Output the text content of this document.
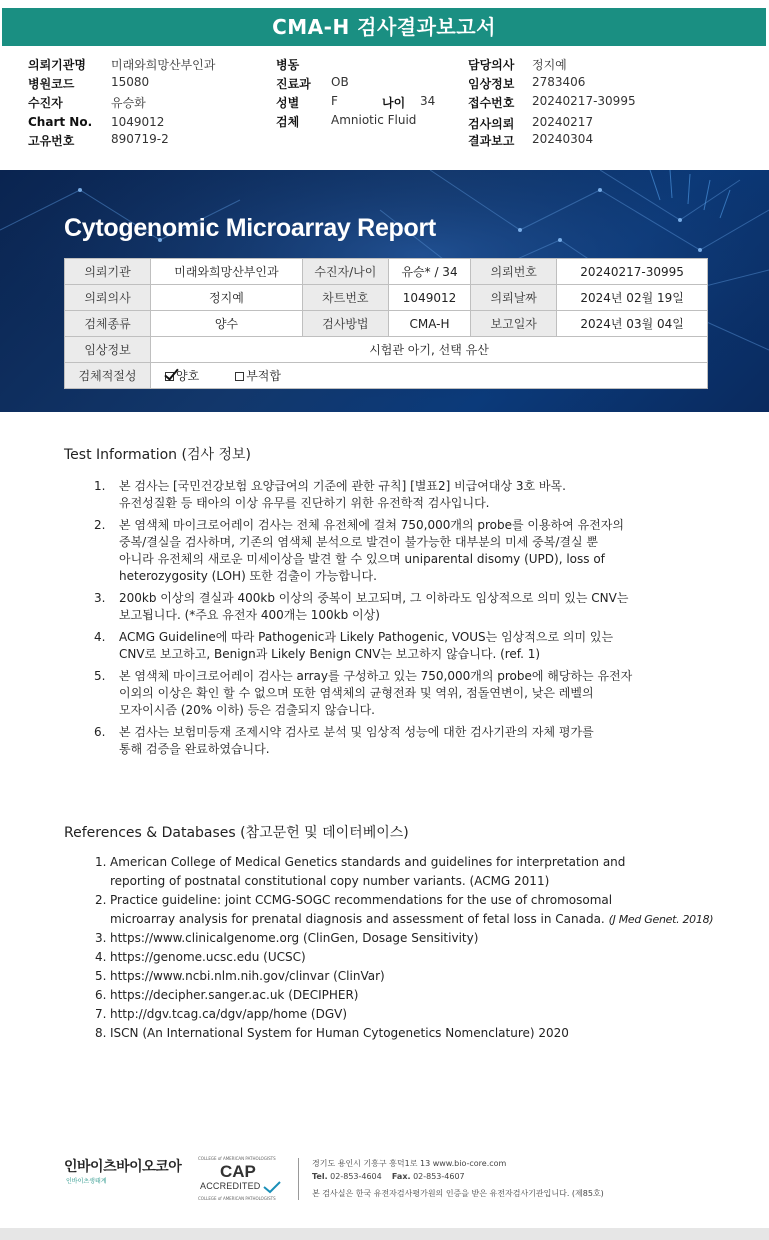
CMA-H 검사결과보고서
의뢰기관명 미래와희망산부인과
병원코드	15080
수진자	유승화
Chart No. 1049012
고유번호	890719-2
병동
진료과 OB
성별	F
검체	Amniotic Fluid
나이 34
담당의사 정지예
임상정보 2783406
접수번호 20240217-30995
검사의뢰 20240217
결과보고 20240304
Cytogenomic Microarray Report
의뢰기관	미래와희망산부인과	수진자/나이	유승* / 34	의뢰번호	20240217-30995
의뢰의사	정지예	차트번호	1049012	의뢰날짜	2024년 02월 19일
검체종류	양수	검사방법	CMA-H	보고일자	2024년 03월 04일
임상정보	시험관 아기, 선택 유산				
검체적절성	양호 부적합				
Test Information (검사 정보)
1. 본 검사는 [국민건강보험 요양급여의 기준에 관한 규칙] [별표2] 비급여대상 3호 바목.
유전성질환 등 태아의 이상 유무를 진단하기 위한 유전학적 검사입니다.
2. 본 염색체 마이크로어레이 검사는 전체 유전체에 걸쳐 750,000개의 probe를 이용하여 유전자의
중복/결실을 검사하며, 기존의 염색체 분석으로 발견이 불가능한 대부분의 미세 중복/결실 뿐
아니라 유전체의 새로운 미세이상을 발견 할 수 있으며 uniparental disomy (UPD), loss of
heterozygosity (LOH) 또한 검출이 가능합니다.
3. 200kb 이상의 결실과 400kb 이상의 중복이 보고되며, 그 이하라도 임상적으로 의미 있는 CNV는
보고됩니다. (*주요 유전자 400개는 100kb 이상)
4. ACMG Guideline에 따라 Pathogenic과 Likely Pathogenic, VOUS는 임상적으로 의미 있는
CNV로 보고하고, Benign과 Likely Benign CNV는 보고하지 않습니다. (ref. 1)
5. 본 염색체 마이크로어레이 검사는 array를 구성하고 있는 750,000개의 probe에 해당하는 유전자
이외의 이상은 확인 할 수 없으며 또한 염색체의 균형전좌 및 역위, 점돌연변이, 낮은 레벨의
모자이시즘 (20% 이하) 등은 검출되지 않습니다.
6. 본 검사는 보험미등재 조제시약 검사로 분석 및 임상적 성능에 대한 검사기관의 자체 평가를
통해 검증을 완료하였습니다.
References & Databases (참고문헌 및 데이터베이스)
1. American College of Medical Genetics standards and guidelines for interpretation and
reporting of postnatal constitutional copy number variants. (ACMG 2011)
2. Practice guideline: joint CCMG-SOGC recommendations for the use of chromosomal
microarray analysis for prenatal diagnosis and assessment of fetal loss in Canada. (J Med Genet. 2018)
3. https://www.clinicalgenome.org (ClinGen, Dosage Sensitivity)
4. https://genome.ucsc.edu (UCSC)
5. https://www.ncbi.nlm.nih.gov/clinvar (ClinVar)
6. https://decipher.sanger.ac.uk (DECIPHER)
7. http://dgv.tcag.ca/dgv/app/home (DGV)
8. ISCN (An International System for Human Cytogenetics Nomenclature) 2020
인바이츠바이오코아
인바이츠생태계
COLLEGE of AMERICAN PATHOLOGISTS
CAP
ACCREDITED
COLLEGE of AMERICAN PATHOLOGISTS
경기도 용인시 기흥구 흥덕1로 13 www.bio-core.com
Tel. 02-853-4604 Fax. 02-853-4607
본 검사실은 한국 유전자검사평가원의 인증을 받은 유전자검사기관입니다. (제85호)
